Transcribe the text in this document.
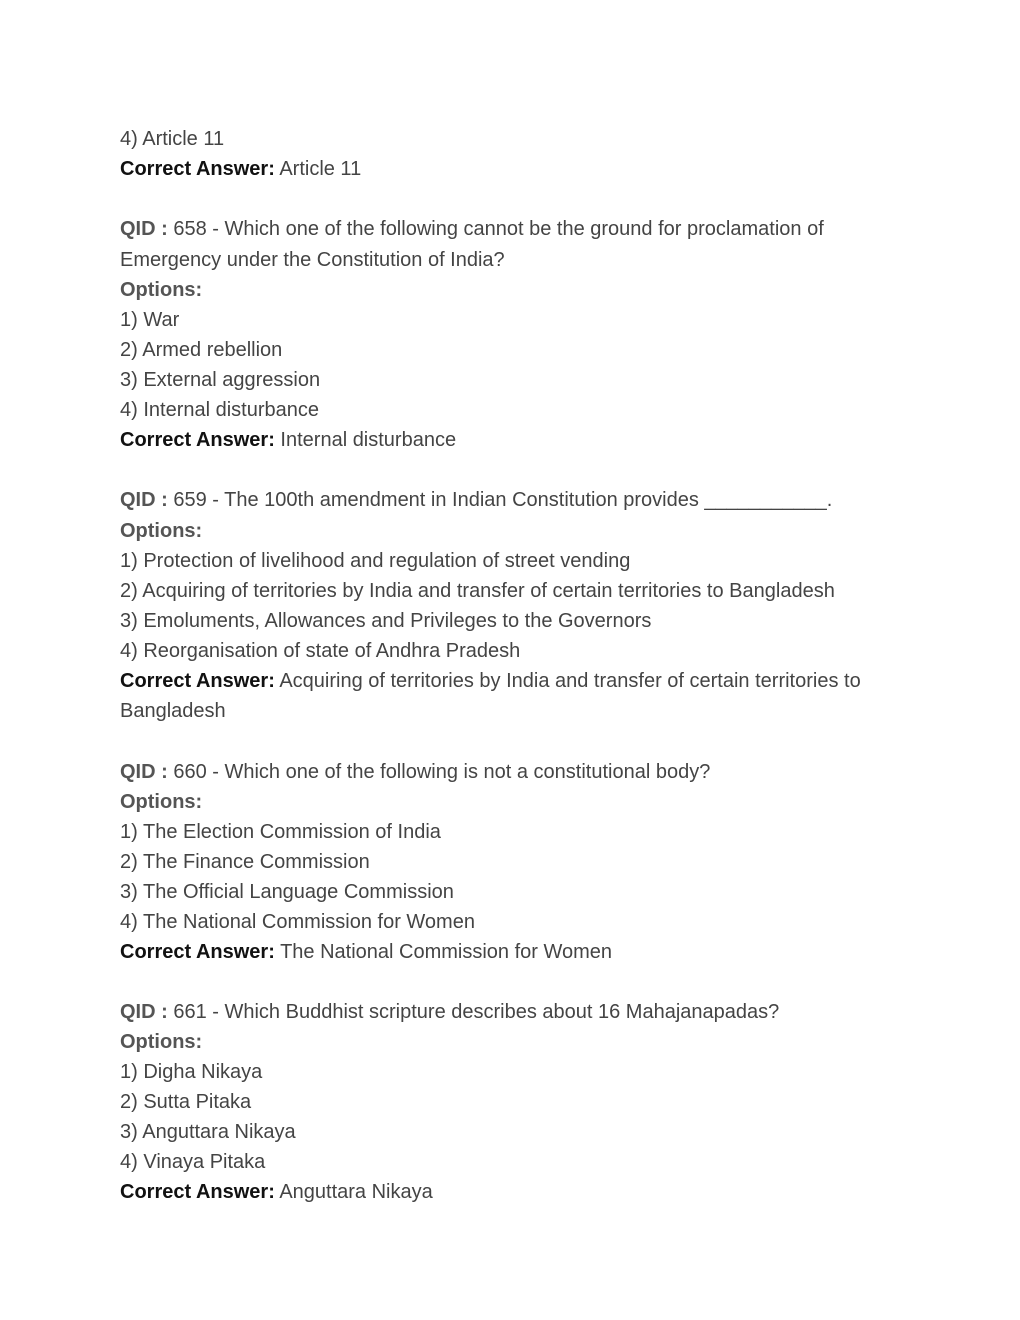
4) Article 11

Correct Answer: Article 11

QID : 658 - Which one of the following cannot be the ground for proclamation of Emergency under the Constitution of India?

Options:

1) War

2) Armed rebellion

3) External aggression

4) Internal disturbance

Correct Answer: Internal disturbance

QID : 659 - The 100th amendment in Indian Constitution provides ___________.

Options:

1) Protection of livelihood and regulation of street vending

2) Acquiring of territories by India and transfer of certain territories to Bangladesh

3) Emoluments, Allowances and Privileges to the Governors

4) Reorganisation of state of Andhra Pradesh

Correct Answer: Acquiring of territories by India and transfer of certain territories to Bangladesh

QID : 660 - Which one of the following is not a constitutional body?

Options:

1) The Election Commission of India

2) The Finance Commission

3) The Official Language Commission

4) The National Commission for Women

Correct Answer: The National Commission for Women

QID : 661 - Which Buddhist scripture describes about 16 Mahajanapadas?

Options:

1) Digha Nikaya

2) Sutta Pitaka

3) Anguttara Nikaya

4) Vinaya Pitaka

Correct Answer: Anguttara Nikaya
